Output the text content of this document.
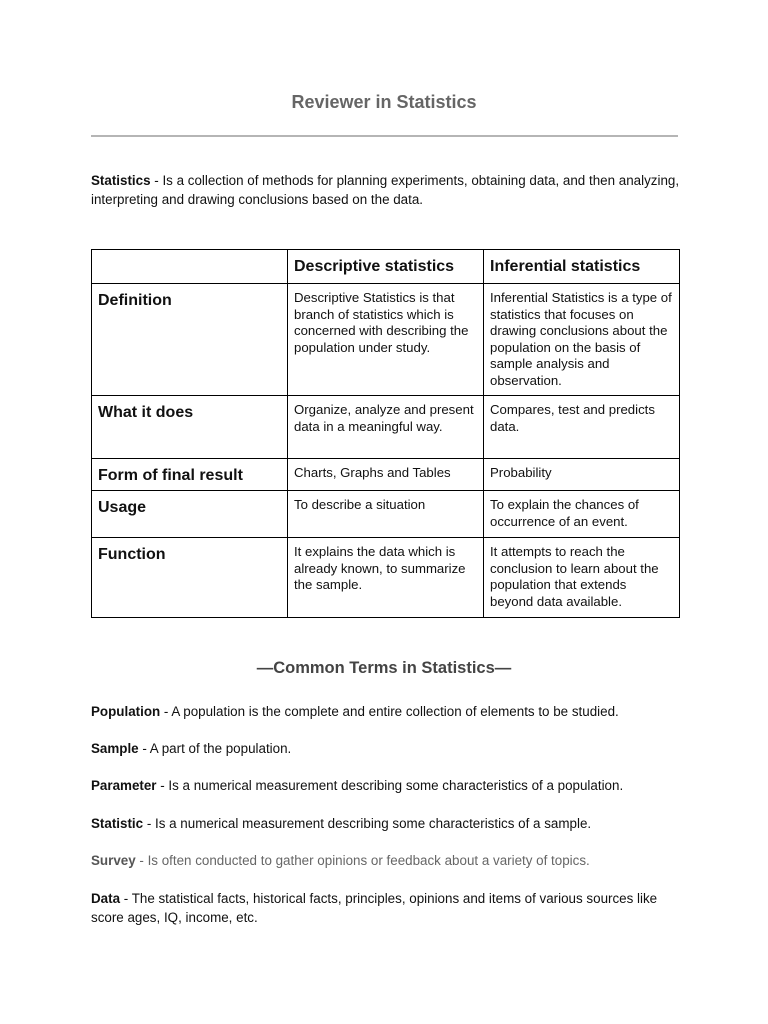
Reviewer in Statistics
Statistics - Is a collection of methods for planning experiments, obtaining data, and then analyzing, interpreting and drawing conclusions based on the data.
	Descriptive statistics	Inferential statistics
Definition	Descriptive Statistics is that branch of statistics which is concerned with describing the population under study.	Inferential Statistics is a type of statistics that focuses on drawing conclusions about the population on the basis of sample analysis and observation.
What it does	Organize, analyze and present data in a meaningful way.	Compares, test and predicts data.
Form of final result	Charts, Graphs and Tables	Probability
Usage	To describe a situation	To explain the chances of occurrence of an event.
Function	It explains the data which is already known, to summarize the sample.	It attempts to reach the conclusion to learn about the population that extends beyond data available.
—Common Terms in Statistics—
Population - A population is the complete and entire collection of elements to be studied.
Sample - A part of the population.
Parameter - Is a numerical measurement describing some characteristics of a population.
Statistic - Is a numerical measurement describing some characteristics of a sample.
Survey - Is often conducted to gather opinions or feedback about a variety of topics.
Data - The statistical facts, historical facts, principles, opinions and items of various sources like score ages, IQ, income, etc.
